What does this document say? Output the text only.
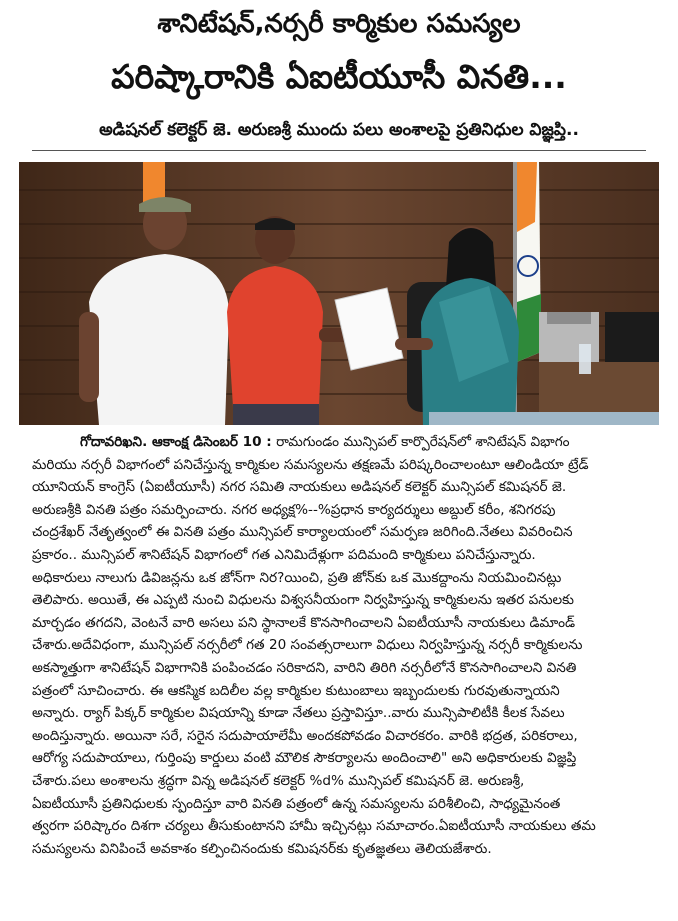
శానిటేషన్,నర్సరీ కార్మికుల సమస్యల
పరిష్కారానికి ఏఐటీయూసీ వినతి...
అడిషనల్ కలెక్టర్ జె. అరుణశ్రీ ముందు పలు అంశాలపై ప్రతినిధుల విజ్ఞప్తి..
గోదావరిఖని. ఆకాంక్ష డిసెంబర్ 10 : రామగుండం మున్సిపల్ కార్పొరేషన్‌లో శానిటేషన్ విభాగం
మరియు నర్సరీ విభాగంలో పనిచేస్తున్న కార్మికుల సమస్యలను తక్షణమే పరిష్కరించాలంటూ ఆలిండియా ట్రేడ్
యూనియన్ కాంగ్రెస్ (ఏఐటీయూసీ) నగర సమితి నాయకులు అడిషనల్ కలెక్టర్ మున్సిపల్ కమిషనర్ జె.
అరుణశ్రీకి వినతి పత్రం సమర్పించారు. నగర అధ్యక్ష%--%ప్రధాన కార్యదర్శులు అబ్దుల్ కరీం, శనిగరపు
చంద్రశేఖర్ నేతృత్వంలో ఈ వినతి పత్రం మున్సిపల్ కార్యాలయంలో సమర్పణ జరిగింది.నేతలు వివరించిన
ప్రకారం.. మున్సిపల్ శానిటేషన్ విభాగంలో గత ఎనిమిదేళ్లుగా పదిమంది కార్మికులు పనిచేస్తున్నారు.
అధికారులు నాలుగు డివిజన్లను ఒక జోన్‌గా నిర?యించి, ప్రతి జోన్‌కు ఒక మొకద్దాంను నియమించినట్లు
తెలిపారు. అయితే, ఈ ఎప్పటి నుంచి విధులను విశ్వసనీయంగా నిర్వహిస్తున్న కార్మికులను ఇతర పనులకు
మార్చడం తగదని, వెంటనే వారి అసలు పని స్థానాలకే కొనసాగించాలని ఏఐటీయూసీ నాయకులు డిమాండ్
చేశారు.అదేవిధంగా, మున్సిపల్ నర్సరీలో గత 20 సంవత్సరాలుగా విధులు నిర్వహిస్తున్న నర్సరీ కార్మికులను
అకస్మాత్తుగా శానిటేషన్ విభాగానికి పంపించడం సరికాదని, వారిని తిరిగి నర్సరీలోనే కొనసాగించాలని వినతి
పత్రంలో సూచించారు. ఈ ఆకస్మిక బదిలీల వల్ల కార్మికుల కుటుంబాలు ఇబ్బందులకు గురవుతున్నాయని
అన్నారు. ర్యాగ్ పిక్కర్ కార్మికుల విషయాన్ని కూడా నేతలు ప్రస్తావిస్తూ..వారు మున్సిపాలిటీకి కీలక సేవలు
అందిస్తున్నారు. అయినా సరే, సరైన సదుపాయాలేమీ అందకపోవడం విచారకరం. వారికి భద్రత, పరికరాలు,
ఆరోగ్య సదుపాయాలు, గుర్తింపు కార్డులు వంటి మౌలిక సౌకర్యాలను అందించాలి" అని అధికారులకు విజ్ఞప్తి
చేశారు.పలు అంశాలను శ్రద్ధగా విన్న అడిషనల్ కలెక్టర్ %d% మున్సిపల్ కమిషనర్ జె. అరుణశ్రీ,
ఏఐటీయూసీ ప్రతినిధులకు స్పందిస్తూ వారి వినతి పత్రంలో ఉన్న సమస్యలను పరిశీలించి, సాధ్యమైనంత
త్వరగా పరిష్కారం దిశగా చర్యలు తీసుకుంటానని హామీ ఇచ్చినట్లు సమాచారం.ఏఐటీయూసీ నాయకులు తమ
సమస్యలను వినిపించే అవకాశం కల్పించినందుకు కమిషనర్‌కు కృతజ్ఞతలు తెలియజేశారు.
